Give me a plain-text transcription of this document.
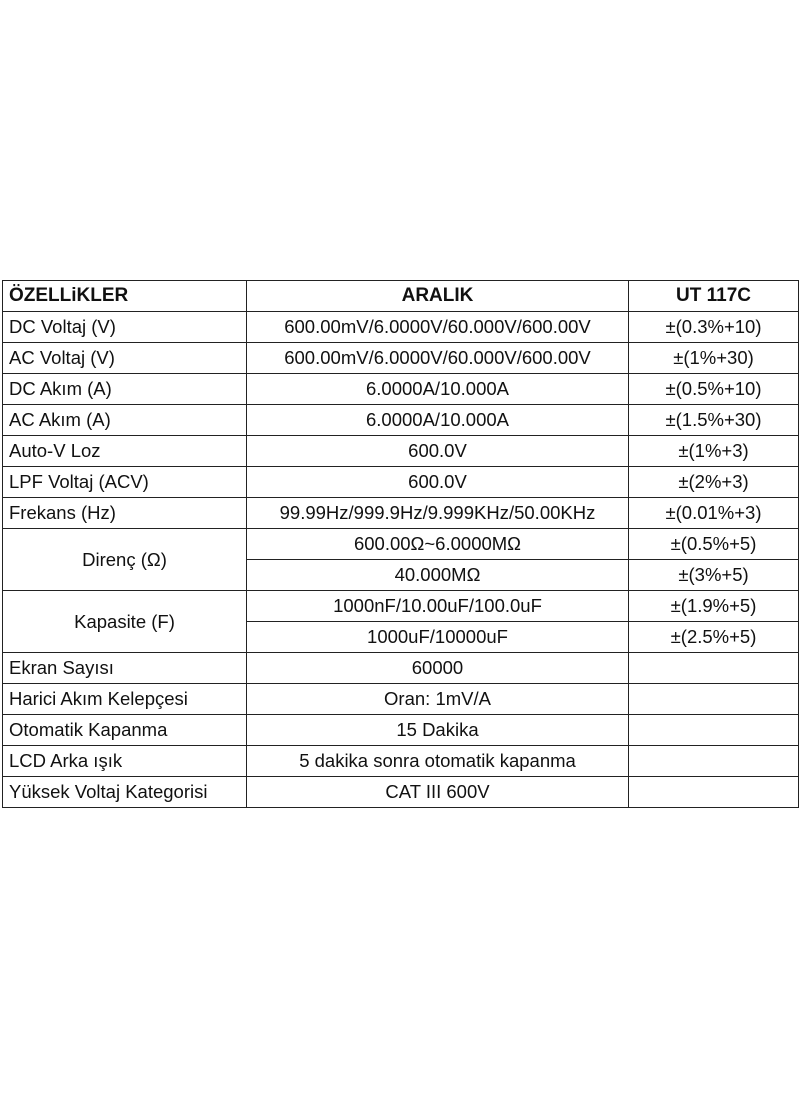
ÖZELLiKLER	ARALIK	UT 117C
DC Voltaj (V)	600.00mV/6.0000V/60.000V/600.00V	±(0.3%+10)
AC Voltaj (V)	600.00mV/6.0000V/60.000V/600.00V	±(1%+30)
DC Akım (A)	6.0000A/10.000A	±(0.5%+10)
AC Akım (A)	6.0000A/10.000A	±(1.5%+30)
Auto-V Loz	600.0V	±(1%+3)
LPF Voltaj (ACV)	600.0V	±(2%+3)
Frekans (Hz)	99.99Hz/999.9Hz/9.999KHz/50.00KHz	±(0.01%+3)
Direnç (Ω)	600.00Ω~6.0000MΩ	±(0.5%+5)
	40.000MΩ	±(3%+5)
Kapasite (F)	1000nF/10.00uF/100.0uF	±(1.9%+5)
	1000uF/10000uF	±(2.5%+5)
Ekran Sayısı	60000	
Harici Akım Kelepçesi	Oran: 1mV/A	
Otomatik Kapanma	15 Dakika	
LCD Arka ışık	5 dakika sonra otomatik kapanma	
Yüksek Voltaj Kategorisi	CAT III 600V	
